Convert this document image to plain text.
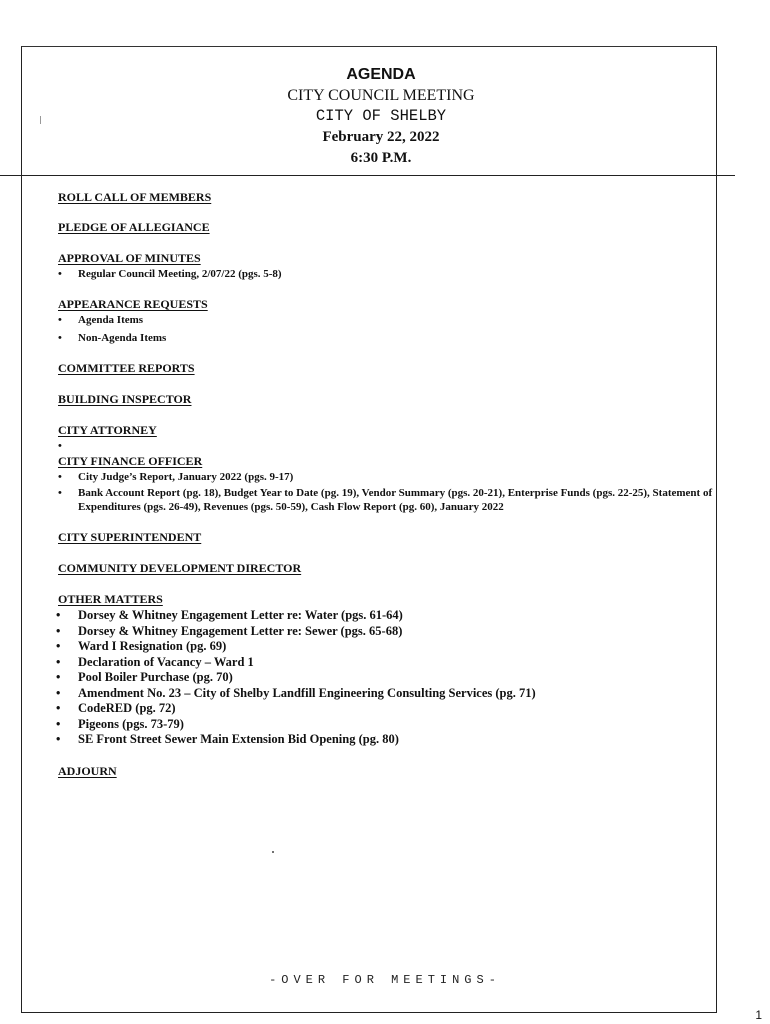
AGENDA
CITY COUNCIL MEETING
CITY OF SHELBY
February 22, 2022
6:30 P.M.

ROLL CALL OF MEMBERS

PLEDGE OF ALLEGIANCE

APPROVAL OF MINUTES

• Regular Council Meeting, 2/07/22 (pgs. 5-8)

APPEARANCE REQUESTS

• Agenda Items
• Non-Agenda Items

COMMITTEE REPORTS

BUILDING INSPECTOR

CITY ATTORNEY

•

CITY FINANCE OFFICER

• City Judge’s Report, January 2022 (pgs. 9-17)
• Bank Account Report (pg. 18), Budget Year to Date (pg. 19), Vendor Summary (pgs. 20-21), Enterprise Funds (pgs. 22-25), Statement of Expenditures (pgs. 26-49), Revenues (pgs. 50-59), Cash Flow Report (pg. 60), January 2022

CITY SUPERINTENDENT

COMMUNITY DEVELOPMENT DIRECTOR

OTHER MATTERS

• Dorsey & Whitney Engagement Letter re: Water (pgs. 61-64)
• Dorsey & Whitney Engagement Letter re: Sewer (pgs. 65-68)
• Ward I Resignation (pg. 69)
• Declaration of Vacancy – Ward 1
• Pool Boiler Purchase (pg. 70)
• Amendment No. 23 – City of Shelby Landfill Engineering Consulting Services (pg. 71)
• CodeRED (pg. 72)
• Pigeons (pgs. 73-79)
• SE Front Street Sewer Main Extension Bid Opening (pg. 80)

ADJOURN

-OVER FOR MEETINGS-
1
